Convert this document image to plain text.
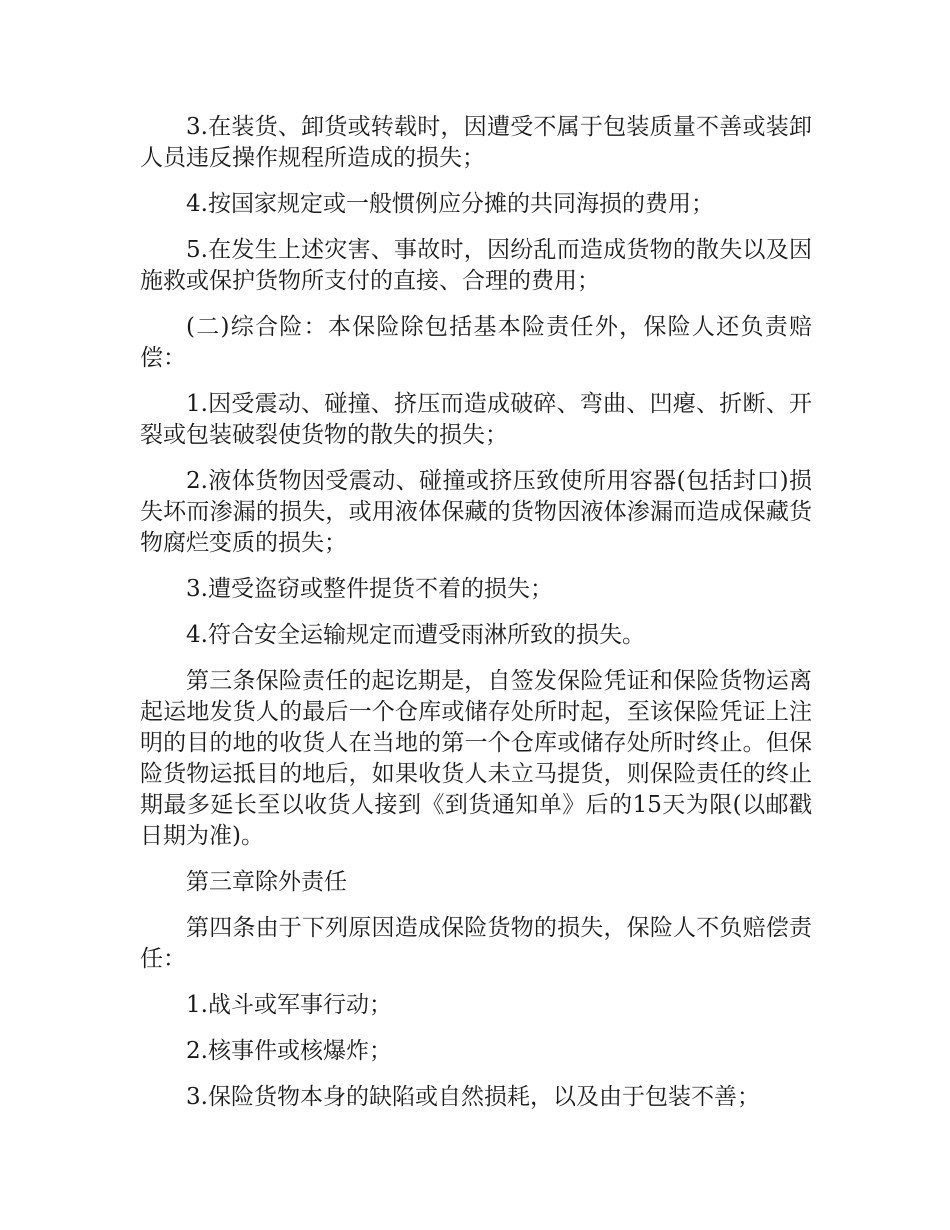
3.在装货、卸货或转载时，因遭受不属于包装质量不善或装卸人员违反操作规程所造成的损失；

4.按国家规定或一般惯例应分摊的共同海损的费用；

5.在发生上述灾害、事故时，因纷乱而造成货物的散失以及因施救或保护货物所支付的直接、合理的费用；

(二)综合险：本保险除包括基本险责任外，保险人还负责赔偿：

1.因受震动、碰撞、挤压而造成破碎、弯曲、凹瘪、折断、开裂或包装破裂使货物的散失的损失；

2.液体货物因受震动、碰撞或挤压致使所用容器(包括封口)损失坏而渗漏的损失，或用液体保藏的货物因液体渗漏而造成保藏货物腐烂变质的损失；

3.遭受盗窃或整件提货不着的损失；

4.符合安全运输规定而遭受雨淋所致的损失。

第三条保险责任的起讫期是，自签发保险凭证和保险货物运离起运地发货人的最后一个仓库或储存处所时起，至该保险凭证上注明的目的地的收货人在当地的第一个仓库或储存处所时终止。但保险货物运抵目的地后，如果收货人未立马提货，则保险责任的终止期最多延长至以收货人接到《到货通知单》后的15天为限(以邮戳日期为准)。

第三章除外责任

第四条由于下列原因造成保险货物的损失，保险人不负赔偿责任：

1.战斗或军事行动；

2.核事件或核爆炸；

3.保险货物本身的缺陷或自然损耗，以及由于包装不善；
